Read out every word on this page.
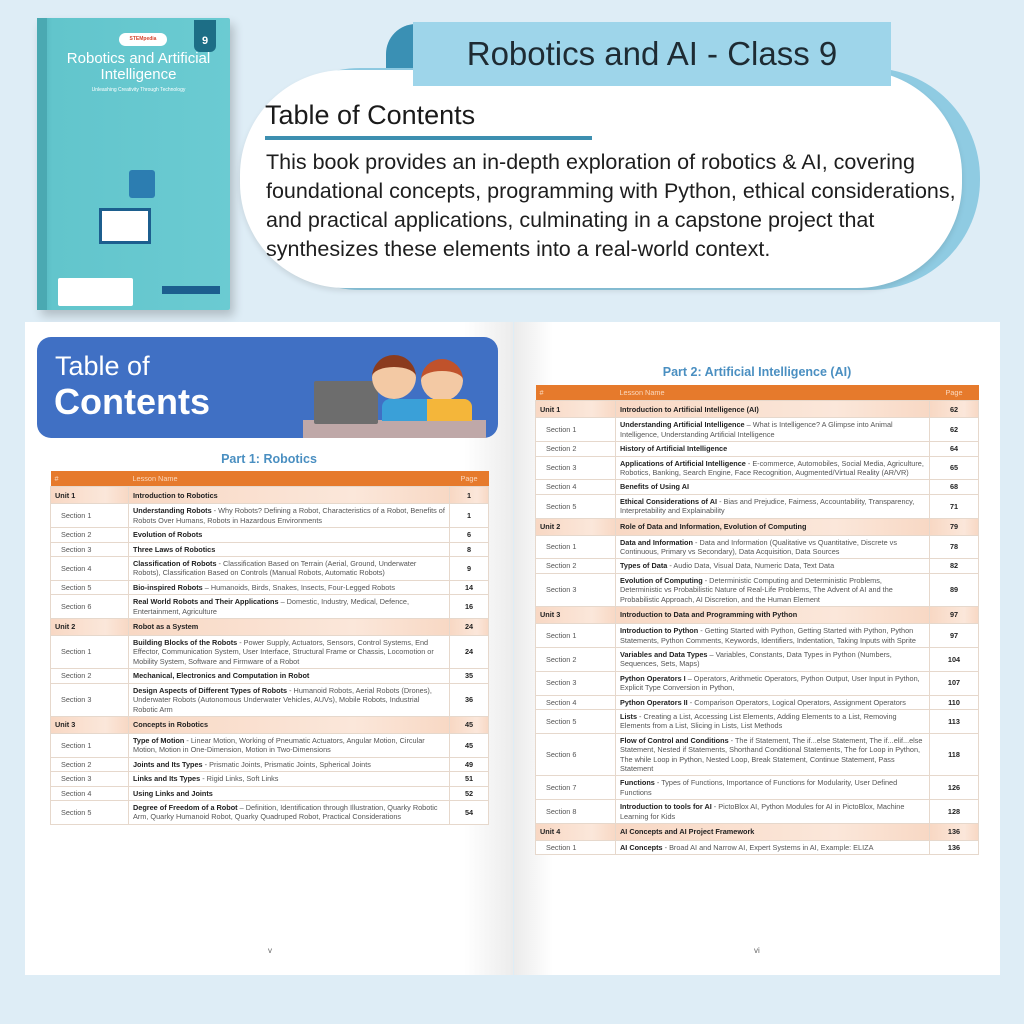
STEMpedia	9
Robotics and Artificial Intelligence
Unleashing Creativity Through Technology
Robotics and AI - Class 9
Table of Contents

This book provides an in-depth exploration of robotics & AI, covering foundational concepts, programming with Python, ethical considerations, and practical applications, culminating in a capstone project that synthesizes these elements into a real-world context.

Table of
Contents
Part 1: Robotics
#	Lesson Name	Page
Unit 1	Introduction to Robotics	1
Section 1	Understanding Robots - Why Robots? Defining a Robot, Characteristics of a Robot, Benefits of Robots Over Humans, Robots in Hazardous Environments	1
Section 2	Evolution of Robots	6
Section 3	Three Laws of Robotics	8
Section 4	Classification of Robots - Classification Based on Terrain (Aerial, Ground, Underwater Robots), Classification Based on Controls (Manual Robots, Automatic Robots)	9
Section 5	Bio-inspired Robots – Humanoids, Birds, Snakes, Insects, Four-Legged Robots	14
Section 6	Real World Robots and Their Applications – Domestic, Industry, Medical, Defence, Entertainment, Agriculture	16
Unit 2	Robot as a System	24
Section 1	Building Blocks of the Robots - Power Supply, Actuators, Sensors, Control Systems, End Effector, Communication System, User Interface, Structural Frame or Chassis, Locomotion or Mobility System, Software and Firmware of a Robot	24
Section 2	Mechanical, Electronics and Computation in Robot	35
Section 3	Design Aspects of Different Types of Robots - Humanoid Robots, Aerial Robots (Drones), Underwater Robots (Autonomous Underwater Vehicles, AUVs), Mobile Robots, Industrial Robotic Arm	36
Unit 3	Concepts in Robotics	45
Section 1	Type of Motion - Linear Motion, Working of Pneumatic Actuators, Angular Motion, Circular Motion, Motion in One-Dimension, Motion in Two-Dimensions	45
Section 2	Joints and Its Types - Prismatic Joints, Prismatic Joints, Spherical Joints	49
Section 3	Links and Its Types - Rigid Links, Soft Links	51
Section 4	Using Links and Joints	52
Section 5	Degree of Freedom of a Robot – Definition, Identification through Illustration, Quarky Robotic Arm, Quarky Humanoid Robot, Quarky Quadruped Robot, Practical Considerations	54
v
Part 2: Artificial Intelligence (AI)
#	Lesson Name	Page
Unit 1	Introduction to Artificial Intelligence (AI)	62
Section 1	Understanding Artificial Intelligence – What is Intelligence? A Glimpse into Animal Intelligence, Understanding Artificial Intelligence	62
Section 2	History of Artificial Intelligence	64
Section 3	Applications of Artificial Intelligence - E-commerce, Automobiles, Social Media, Agriculture, Robotics, Banking, Search Engine, Face Recognition, Augmented/Virtual Reality (AR/VR)	65
Section 4	Benefits of Using AI	68
Section 5	Ethical Considerations of AI - Bias and Prejudice, Fairness, Accountability, Transparency, Interpretability and Explainability	71
Unit 2	Role of Data and Information, Evolution of Computing	79
Section 1	Data and Information - Data and Information (Qualitative vs Quantitative, Discrete vs Continuous, Primary vs Secondary), Data Acquisition, Data Sources	78
Section 2	Types of Data - Audio Data, Visual Data, Numeric Data, Text Data	82
Section 3	Evolution of Computing - Deterministic Computing and Deterministic Problems, Deterministic vs Probabilistic Nature of Real-Life Problems, The Advent of AI and the Probabilistic Approach, AI Discretion, and the Human Element	89
Unit 3	Introduction to Data and Programming with Python	97
Section 1	Introduction to Python - Getting Started with Python, Getting Started with Python, Python Statements, Python Comments, Keywords, Identifiers, Indentation, Taking Inputs with Sprite	97
Section 2	Variables and Data Types – Variables, Constants, Data Types in Python (Numbers, Sequences, Sets, Maps)	104
Section 3	Python Operators I – Operators, Arithmetic Operators, Python Output, User Input in Python, Explicit Type Conversion in Python,	107
Section 4	Python Operators II - Comparison Operators, Logical Operators, Assignment Operators	110
Section 5	Lists - Creating a List, Accessing List Elements, Adding Elements to a List, Removing Elements from a List, Slicing in Lists, List Methods	113
Section 6	Flow of Control and Conditions - The if Statement, The if...else Statement, The if...elif...else Statement, Nested if Statements, Shorthand Conditional Statements, The for Loop in Python, The while Loop in Python, Nested Loop, Break Statement, Continue Statement, Pass Statement	118
Section 7	Functions - Types of Functions, Importance of Functions for Modularity, User Defined Functions	126
Section 8	Introduction to tools for AI - PictoBlox AI, Python Modules for AI in PictoBlox, Machine Learning for Kids	128
Unit 4	AI Concepts and AI Project Framework	136
Section 1	AI Concepts - Broad AI and Narrow AI, Expert Systems in AI, Example: ELIZA	136
vi
